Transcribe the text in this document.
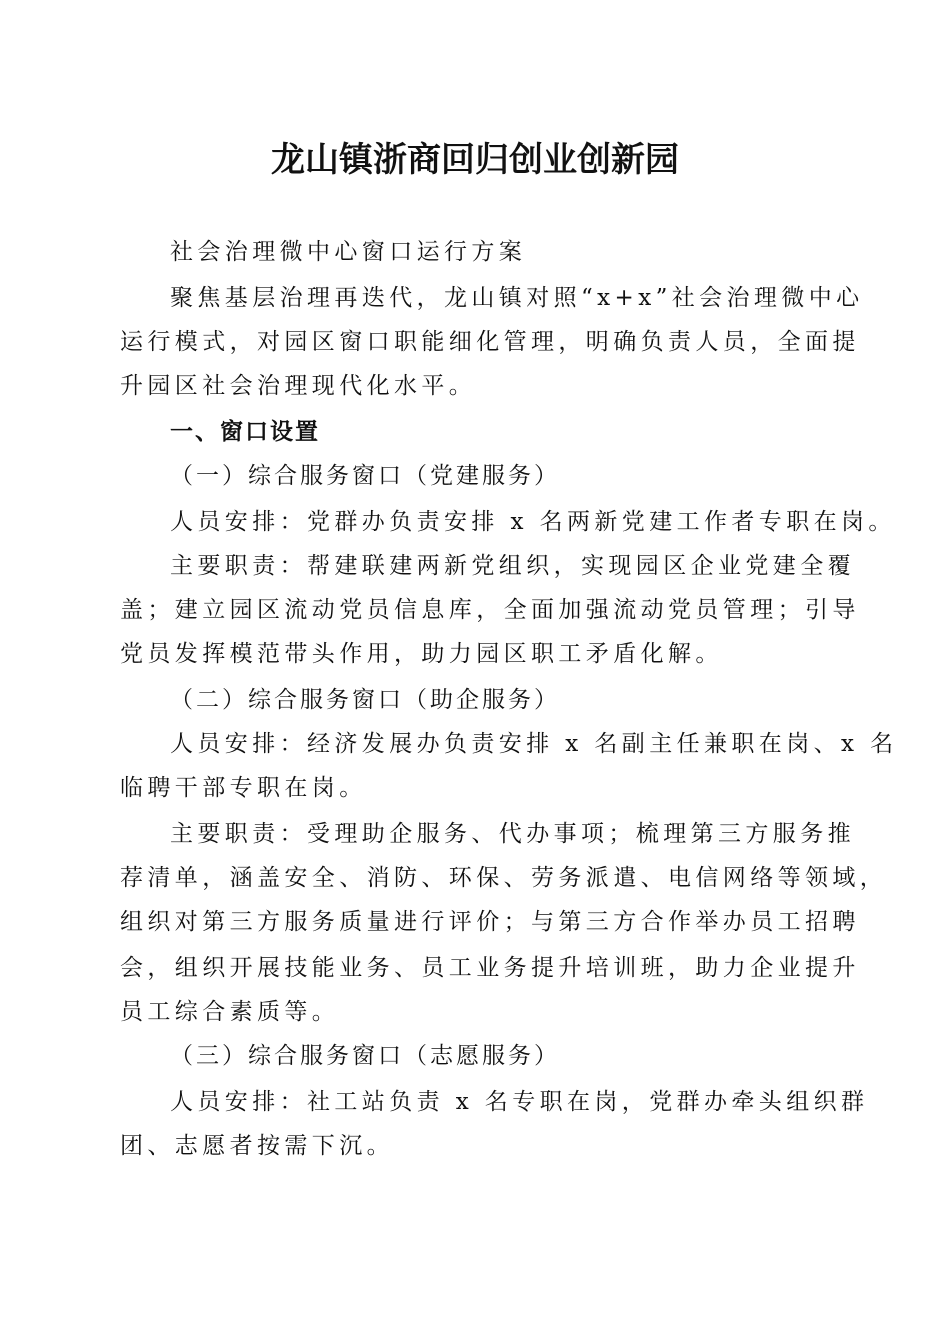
龙山镇浙商回归创业创新园
社会治理微中心窗口运行方案
聚焦基层治理再迭代，龙山镇对照“x+x”社会治理微中心
运行模式，对园区窗口职能细化管理，明确负责人员，全面提
升园区社会治理现代化水平。
一、窗口设置
（一）综合服务窗口（党建服务）
人员安排：党群办负责安排 x 名两新党建工作者专职在岗。
主要职责：帮建联建两新党组织，实现园区企业党建全覆
盖；建立园区流动党员信息库，全面加强流动党员管理；引导
党员发挥模范带头作用，助力园区职工矛盾化解。
（二）综合服务窗口（助企服务）
人员安排：经济发展办负责安排 x 名副主任兼职在岗、x 名
临聘干部专职在岗。
主要职责：受理助企服务、代办事项；梳理第三方服务推
荐清单，涵盖安全、消防、环保、劳务派遣、电信网络等领域，
组织对第三方服务质量进行评价；与第三方合作举办员工招聘
会，组织开展技能业务、员工业务提升培训班，助力企业提升
员工综合素质等。
（三）综合服务窗口（志愿服务）
人员安排：社工站负责 x 名专职在岗，党群办牵头组织群
团、志愿者按需下沉。
